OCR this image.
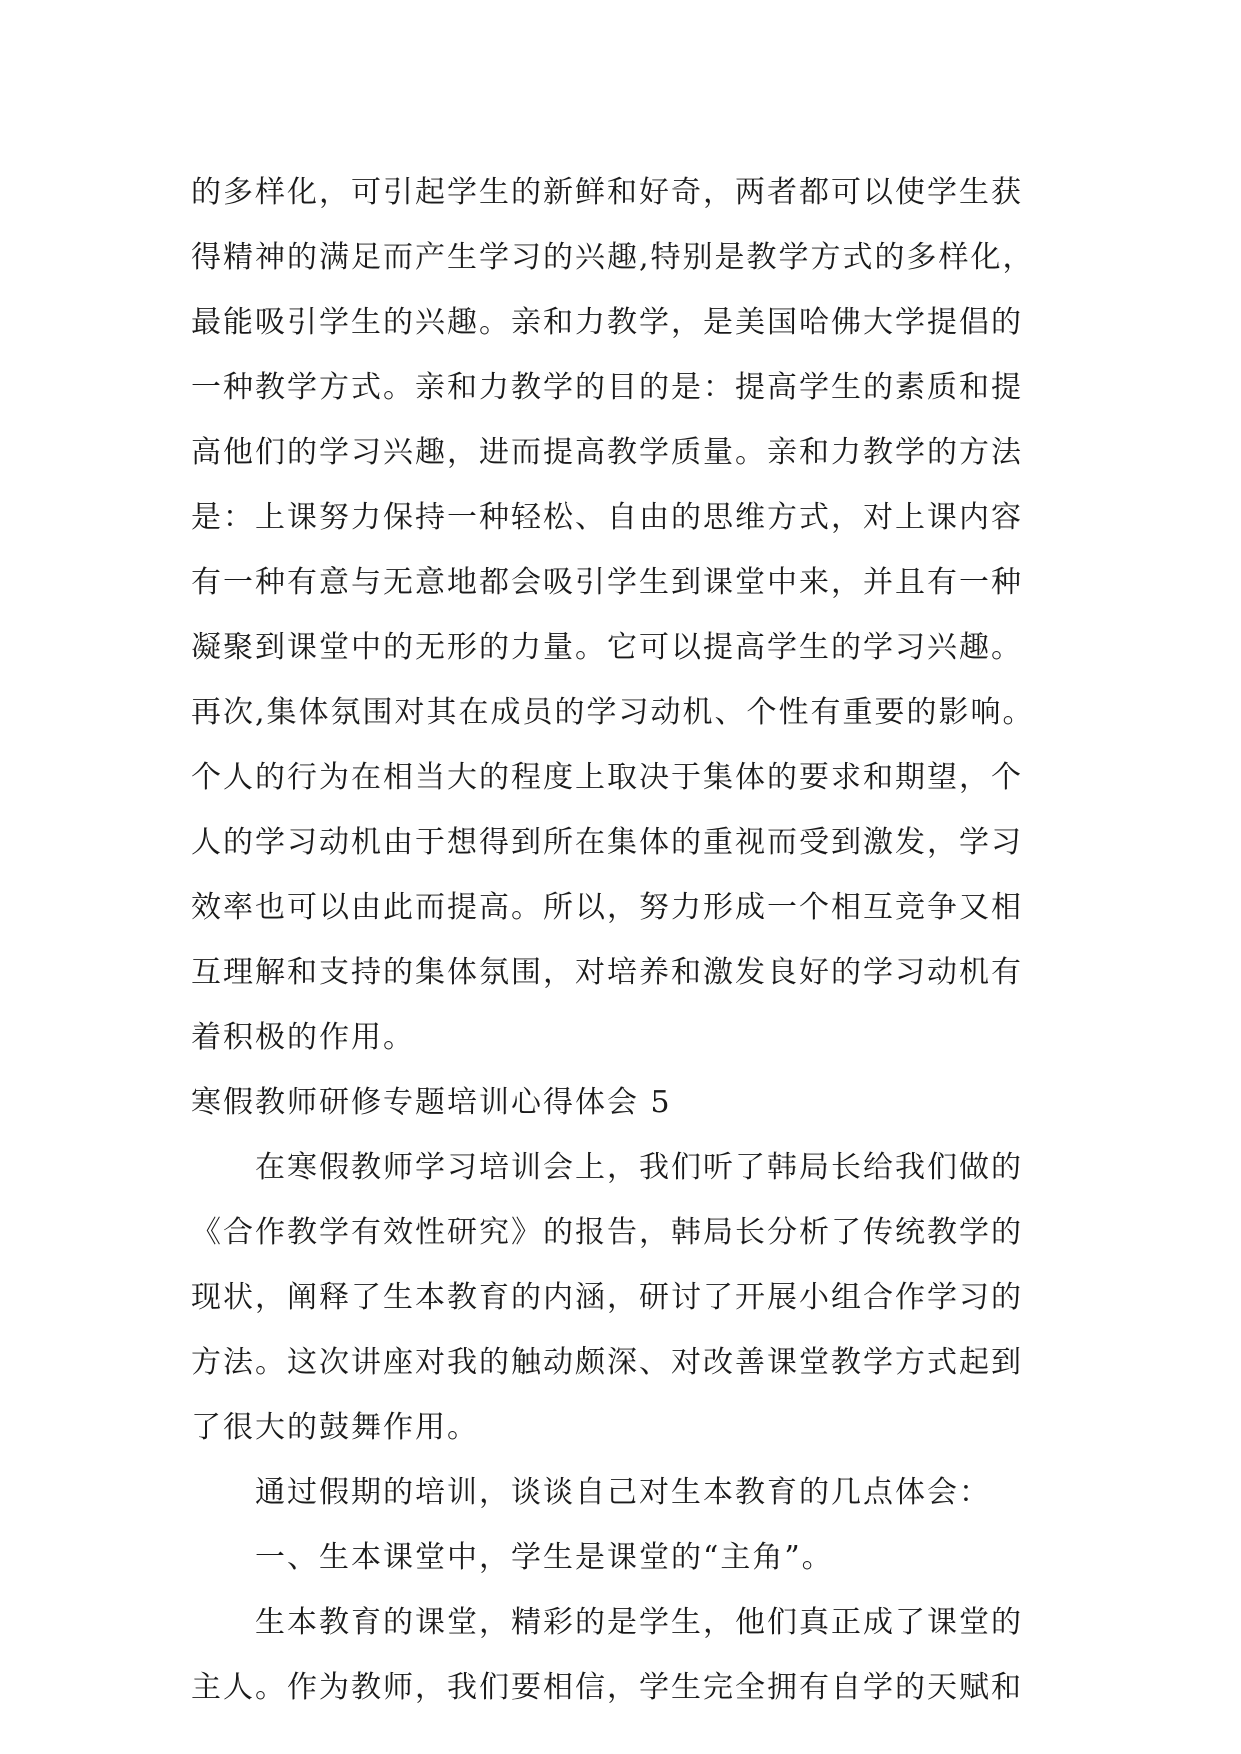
的多样化，可引起学生的新鲜和好奇，两者都可以使学生获
得精神的满足而产生学习的兴趣,特别是教学方式的多样化，
最能吸引学生的兴趣。亲和力教学，是美国哈佛大学提倡的
一种教学方式。亲和力教学的目的是：提高学生的素质和提
高他们的学习兴趣，进而提高教学质量。亲和力教学的方法
是：上课努力保持一种轻松、自由的思维方式，对上课内容
有一种有意与无意地都会吸引学生到课堂中来，并且有一种
凝聚到课堂中的无形的力量。它可以提高学生的学习兴趣。
再次,集体氛围对其在成员的学习动机、个性有重要的影响。
个人的行为在相当大的程度上取决于集体的要求和期望，个
人的学习动机由于想得到所在集体的重视而受到激发，学习
效率也可以由此而提高。所以，努力形成一个相互竞争又相
互理解和支持的集体氛围，对培养和激发良好的学习动机有
着积极的作用。
寒假教师研修专题培训心得体会 5
　　在寒假教师学习培训会上，我们听了韩局长给我们做的
《合作教学有效性研究》的报告，韩局长分析了传统教学的
现状，阐释了生本教育的内涵，研讨了开展小组合作学习的
方法。这次讲座对我的触动颇深、对改善课堂教学方式起到
了很大的鼓舞作用。
　　通过假期的培训，谈谈自己对生本教育的几点体会：
　　一、生本课堂中，学生是课堂的“主角”。
　　生本教育的课堂，精彩的是学生，他们真正成了课堂的
主人。作为教师，我们要相信，学生完全拥有自学的天赋和
